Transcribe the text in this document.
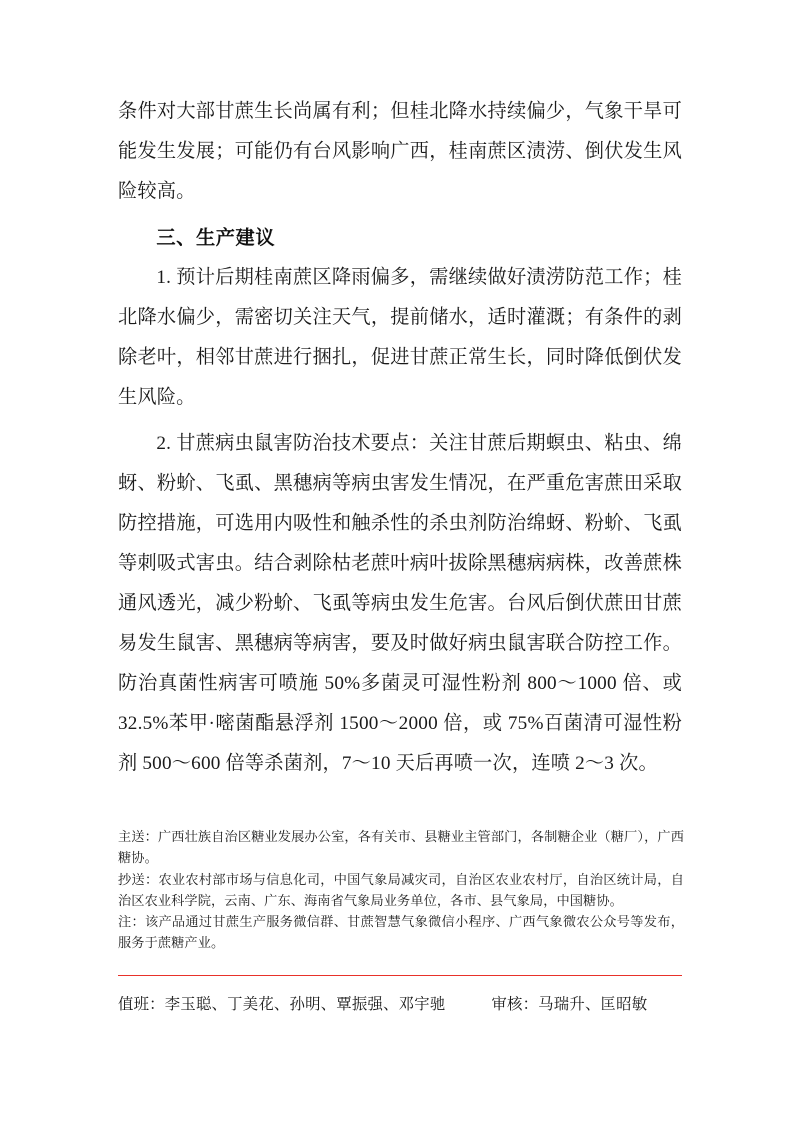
条件对大部甘蔗生长尚属有利；但桂北降水持续偏少，气象干旱可能发生发展；可能仍有台风影响广西，桂南蔗区渍涝、倒伏发生风险较高。

三、生产建议

1. 预计后期桂南蔗区降雨偏多，需继续做好渍涝防范工作；桂北降水偏少，需密切关注天气，提前储水，适时灌溉；有条件的剥除老叶，相邻甘蔗进行捆扎，促进甘蔗正常生长，同时降低倒伏发生风险。

2. 甘蔗病虫鼠害防治技术要点：关注甘蔗后期螟虫、粘虫、绵蚜、粉蚧、飞虱、黑穗病等病虫害发生情况，在严重危害蔗田采取防控措施，可选用内吸性和触杀性的杀虫剂防治绵蚜、粉蚧、飞虱等刺吸式害虫。结合剥除枯老蔗叶病叶拔除黑穗病病株，改善蔗株通风透光，减少粉蚧、飞虱等病虫发生危害。台风后倒伏蔗田甘蔗易发生鼠害、黑穗病等病害，要及时做好病虫鼠害联合防控工作。防治真菌性病害可喷施 50%多菌灵可湿性粉剂 800～1000 倍、或 32.5%苯甲·嘧菌酯悬浮剂 1500～2000 倍，或 75%百菌清可湿性粉剂 500～600 倍等杀菌剂，7～10 天后再喷一次，连喷 2～3 次。

主送：广西壮族自治区糖业发展办公室，各有关市、县糖业主管部门，各制糖企业（糖厂），广西糖协。

抄送：农业农村部市场与信息化司，中国气象局减灾司，自治区农业农村厅，自治区统计局，自治区农业科学院，云南、广东、海南省气象局业务单位，各市、县气象局，中国糖协。

注：该产品通过甘蔗生产服务微信群、甘蔗智慧气象微信小程序、广西气象微农公众号等发布，服务于蔗糖产业。

值班：李玉聪、丁美花、孙明、覃振强、邓宇驰	审核：马瑞升、匡昭敏
